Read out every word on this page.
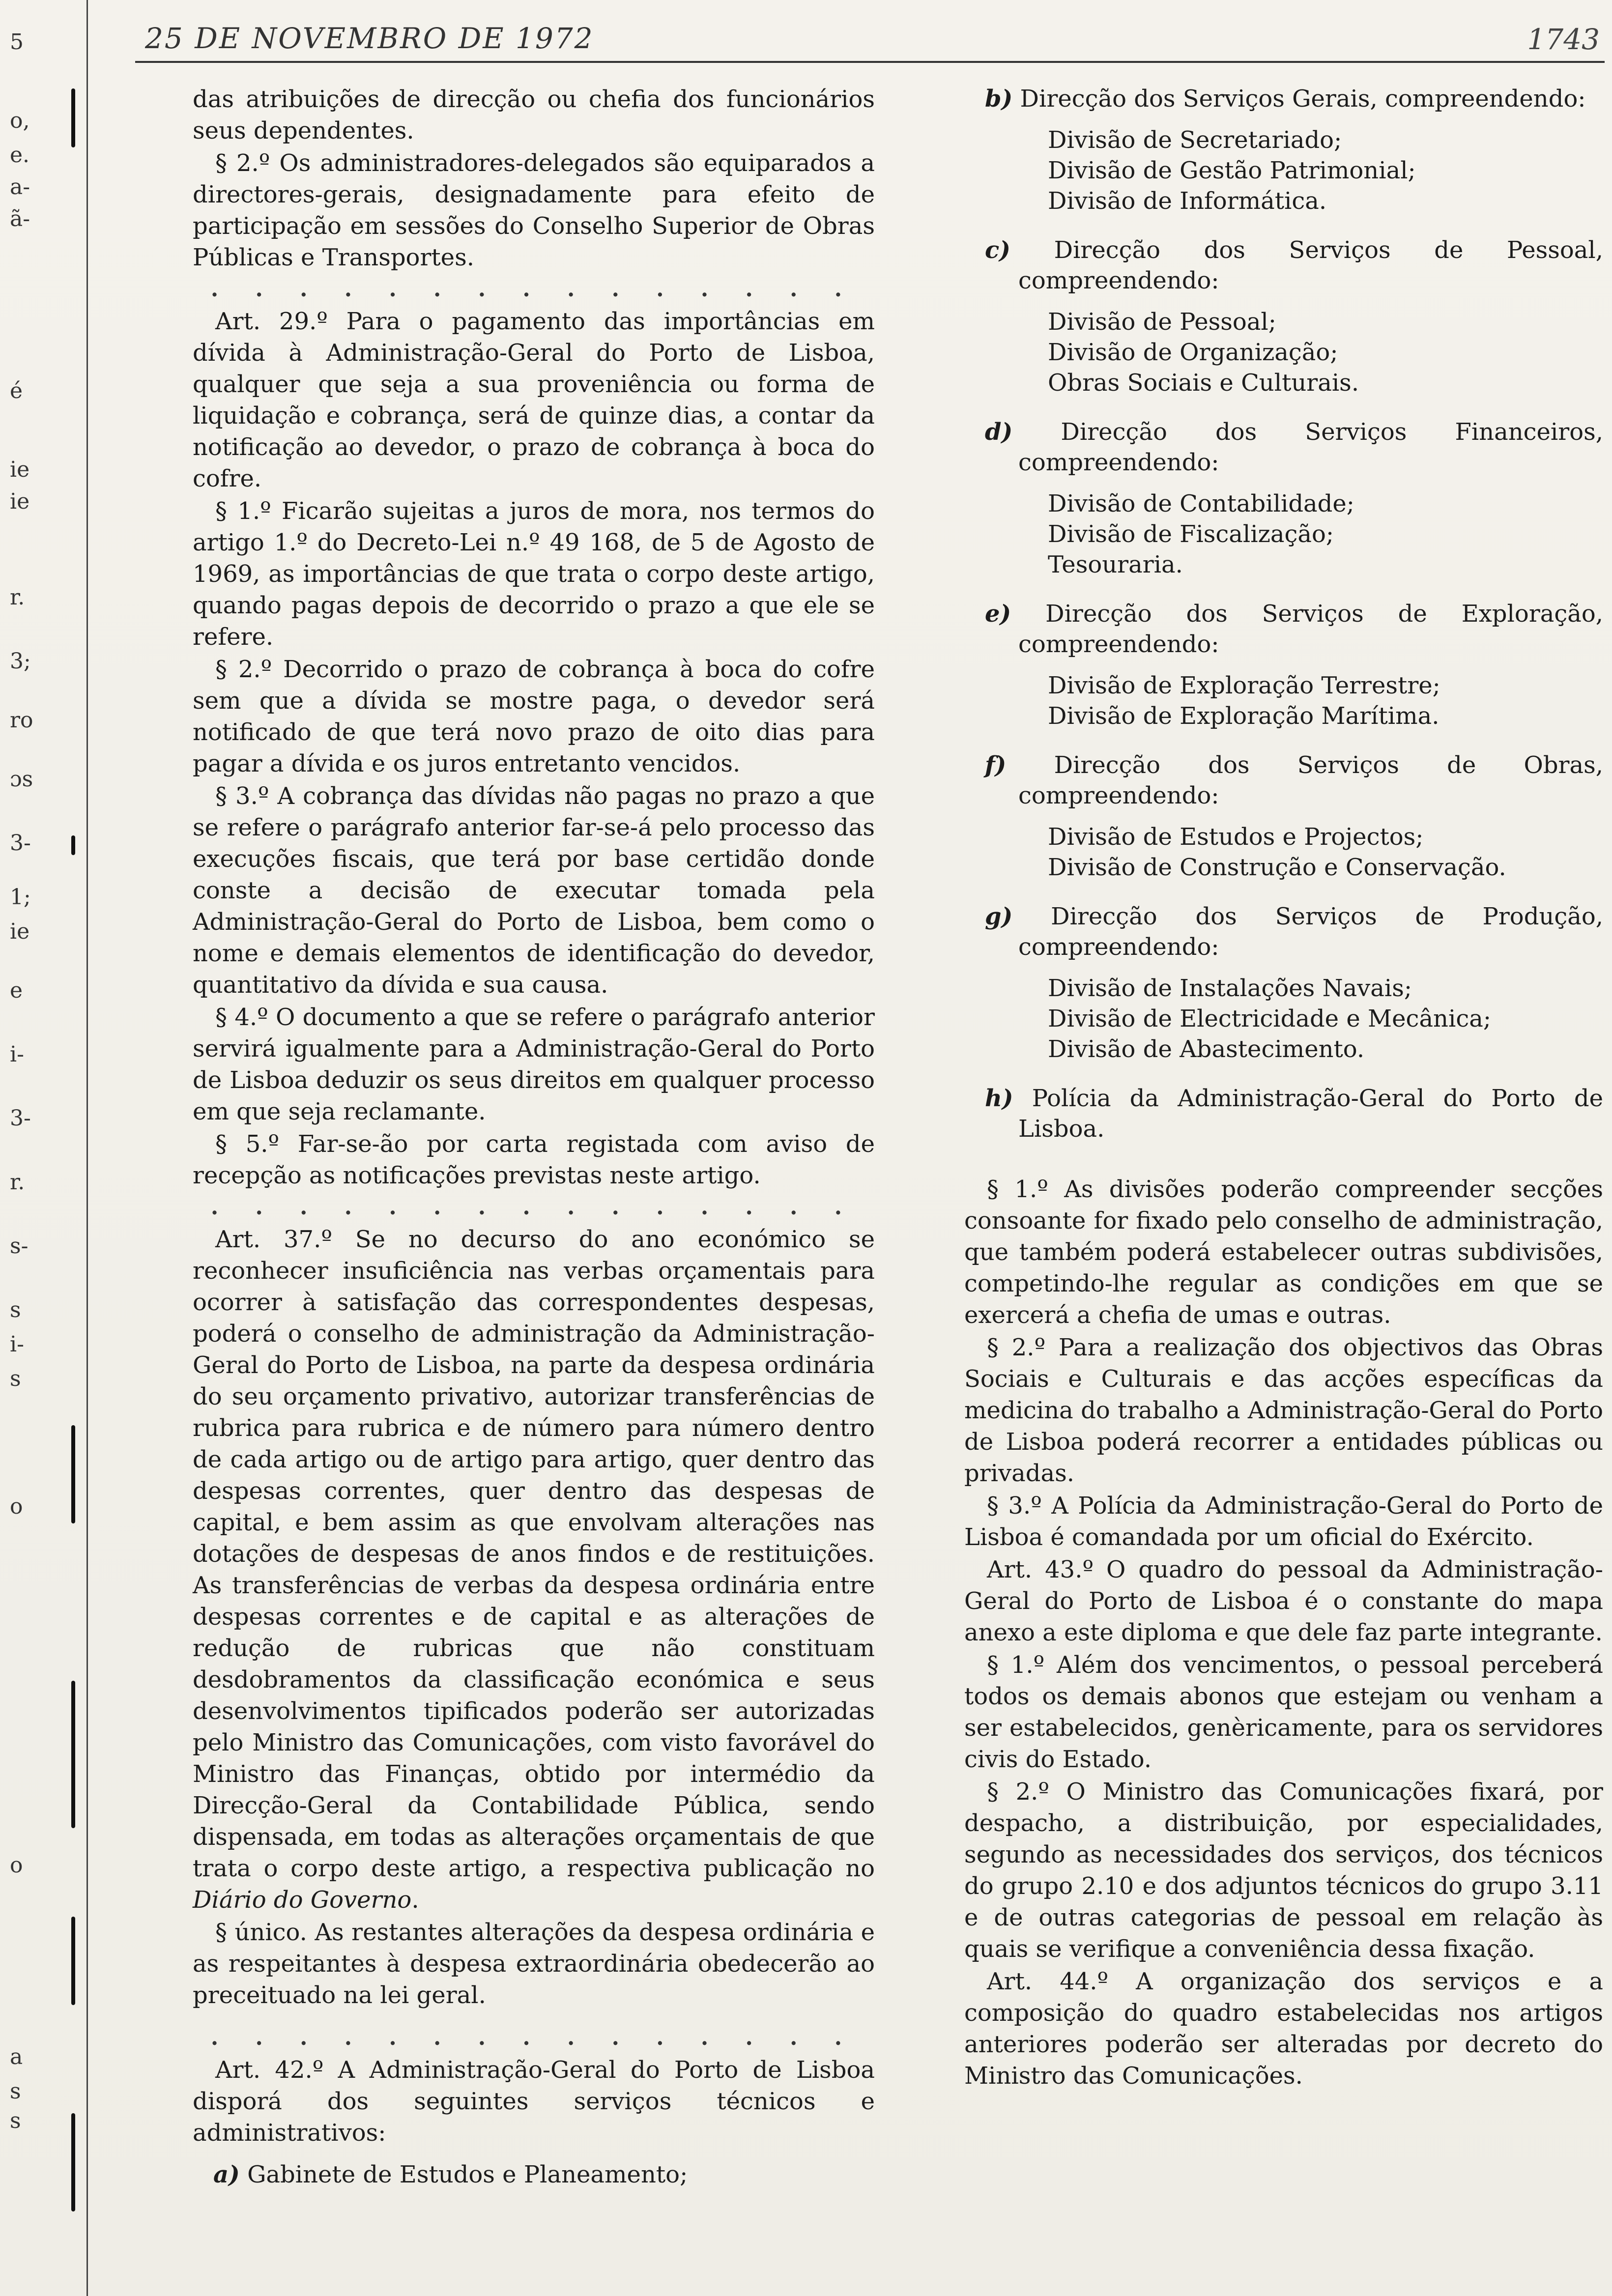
5
o,
e.
a-
ã-
é
ie
ie
r.
3;
ro
ɔs
3-
1;
ie
e
i-
3-
r.
s-
s
i-
s
o
o
a
s
s
25 DE NOVEMBRO DE 1972	1743

das atribuições de direcção ou chefia dos funcionários seus dependentes.

§ 2.º Os administradores-delegados são equiparados a directores-gerais, designadamente para efeito de participação em sessões do Conselho Superior de Obras Públicas e Transportes.

. . . . . . . . . . . . . . .

Art. 29.º Para o pagamento das importâncias em dívida à Administração-Geral do Porto de Lisboa, qualquer que seja a sua proveniência ou forma de liquidação e cobrança, será de quinze dias, a contar da notificação ao devedor, o prazo de cobrança à boca do cofre.

§ 1.º Ficarão sujeitas a juros de mora, nos termos do artigo 1.º do Decreto-Lei n.º 49 168, de 5 de Agosto de 1969, as importâncias de que trata o corpo deste artigo, quando pagas depois de decorrido o prazo a que ele se refere.

§ 2.º Decorrido o prazo de cobrança à boca do cofre sem que a dívida se mostre paga, o devedor será notificado de que terá novo prazo de oito dias para pagar a dívida e os juros entretanto vencidos.

§ 3.º A cobrança das dívidas não pagas no prazo a que se refere o parágrafo anterior far-se-á pelo processo das execuções fiscais, que terá por base certidão donde conste a decisão de executar tomada pela Administração-Geral do Porto de Lisboa, bem como o nome e demais elementos de identificação do devedor, quantitativo da dívida e sua causa.

§ 4.º O documento a que se refere o parágrafo anterior servirá igualmente para a Administração-Geral do Porto de Lisboa deduzir os seus direitos em qualquer processo em que seja reclamante.

§ 5.º Far-se-ão por carta registada com aviso de recepção as notificações previstas neste artigo.

. . . . . . . . . . . . . . .

Art. 37.º Se no decurso do ano económico se reconhecer insuficiência nas verbas orçamentais para ocorrer à satisfação das correspondentes despesas, poderá o conselho de administração da Administração-Geral do Porto de Lisboa, na parte da despesa ordinária do seu orçamento privativo, autorizar transferências de rubrica para rubrica e de número para número dentro de cada artigo ou de artigo para artigo, quer dentro das despesas correntes, quer dentro das despesas de capital, e bem assim as que envolvam alterações nas dotações de despesas de anos findos e de restituições. As transferências de verbas da despesa ordinária entre despesas correntes e de capital e as alterações de redução de rubricas que não constituam desdobramentos da classificação económica e seus desenvolvimentos tipificados poderão ser autorizadas pelo Ministro das Comunicações, com visto favorável do Ministro das Finanças, obtido por intermédio da Direcção-Geral da Contabilidade Pública, sendo dispensada, em todas as alterações orçamentais de que trata o corpo deste artigo, a respectiva publicação no Diário do Governo.

§ único. As restantes alterações da despesa ordinária e as respeitantes à despesa extraordinária obedecerão ao preceituado na lei geral.

. . . . . . . . . . . . . . .

Art. 42.º A Administração-Geral do Porto de Lisboa disporá dos seguintes serviços técnicos e administrativos:

a) Gabinete de Estudos e Planeamento;

b) Direcção dos Serviços Gerais, compreendendo:

Divisão de Secretariado;

Divisão de Gestão Patrimonial;

Divisão de Informática.

c) Direcção dos Serviços de Pessoal, compreendendo:

Divisão de Pessoal;

Divisão de Organização;

Obras Sociais e Culturais.

d) Direcção dos Serviços Financeiros, compreendendo:

Divisão de Contabilidade;

Divisão de Fiscalização;

Tesouraria.

e) Direcção dos Serviços de Exploração, compreendendo:

Divisão de Exploração Terrestre;

Divisão de Exploração Marítima.

f) Direcção dos Serviços de Obras, compreendendo:

Divisão de Estudos e Projectos;

Divisão de Construção e Conservação.

g) Direcção dos Serviços de Produção, compreendendo:

Divisão de Instalações Navais;

Divisão de Electricidade e Mecânica;

Divisão de Abastecimento.

h) Polícia da Administração-Geral do Porto de Lisboa.

§ 1.º As divisões poderão compreender secções consoante for fixado pelo conselho de administração, que também poderá estabelecer outras subdivisões, competindo-lhe regular as condições em que se exercerá a chefia de umas e outras.

§ 2.º Para a realização dos objectivos das Obras Sociais e Culturais e das acções específicas da medicina do trabalho a Administração-Geral do Porto de Lisboa poderá recorrer a entidades públicas ou privadas.

§ 3.º A Polícia da Administração-Geral do Porto de Lisboa é comandada por um oficial do Exército.

Art. 43.º O quadro do pessoal da Administração-Geral do Porto de Lisboa é o constante do mapa anexo a este diploma e que dele faz parte integrante.

§ 1.º Além dos vencimentos, o pessoal perceberá todos os demais abonos que estejam ou venham a ser estabelecidos, genèricamente, para os servidores civis do Estado.

§ 2.º O Ministro das Comunicações fixará, por despacho, a distribuição, por especialidades, segundo as necessidades dos serviços, dos técnicos do grupo 2.10 e dos adjuntos técnicos do grupo 3.11 e de outras categorias de pessoal em relação às quais se verifique a conveniência dessa fixação.

Art. 44.º A organização dos serviços e a composição do quadro estabelecidas nos artigos anteriores poderão ser alteradas por decreto do Ministro das Comunicações.
